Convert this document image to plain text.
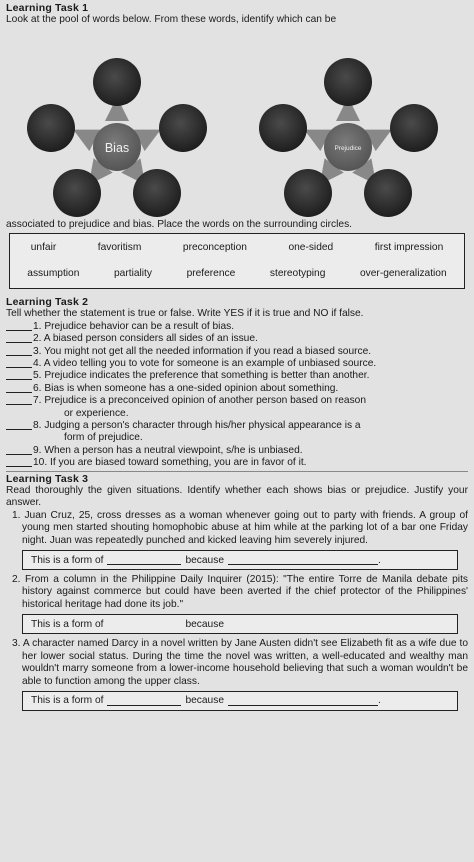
Learning Task 1
Look at the pool of words below. From these words, identify which can be
Bias	Prejudice
associated to prejudice and bias. Place the words on the surrounding circles.
unfair	favoritism	preconception	one-sided	first impression
assumption	partiality	preference	stereotyping	over-generalization
Learning Task 2
Tell whether the statement is true or false. Write YES if it is true and NO if false.
1. Prejudice behavior can be a result of bias.
2. A biased person considers all sides of an issue.
3. You might not get all the needed information if you read a biased source.
4. A video telling you to vote for someone is an example of unbiased source.
5. Prejudice indicates the preference that something is better than another.
6. Bias is when someone has a one-sided opinion about something.
7. Prejudice is a preconceived opinion of another person based on reason
or experience.
8. Judging a person's character through his/her physical appearance is a
form of prejudice.
9. When a person has a neutral viewpoint, s/he is unbiased.
10. If you are biased toward something, you are in favor of it.
Learning Task 3
Read thoroughly the given situations. Identify whether each shows bias or prejudice. Justify your answer.
1. Juan Cruz, 25, cross dresses as a woman whenever going out to party with friends. A group of young men started shouting homophobic abuse at him while at the parking lot of a bar one Friday night. Juan was repeatedly punched and kicked leaving him severely injured.
This is a form of	because	.
2. From a column in the Philippine Daily Inquirer (2015): "The entire Torre de Manila debate pits history against commerce but could have been averted if the chief protector of the Philippines' historical heritage had done its job."
This is a form of	because
3. A character named Darcy in a novel written by Jane Austen didn't see Elizabeth fit as a wife due to her lower social status. During the time the novel was written, a well-educated and wealthy man wouldn't marry someone from a lower-income household believing that such a woman wouldn't be able to function among the upper class.
This is a form of	because	.
